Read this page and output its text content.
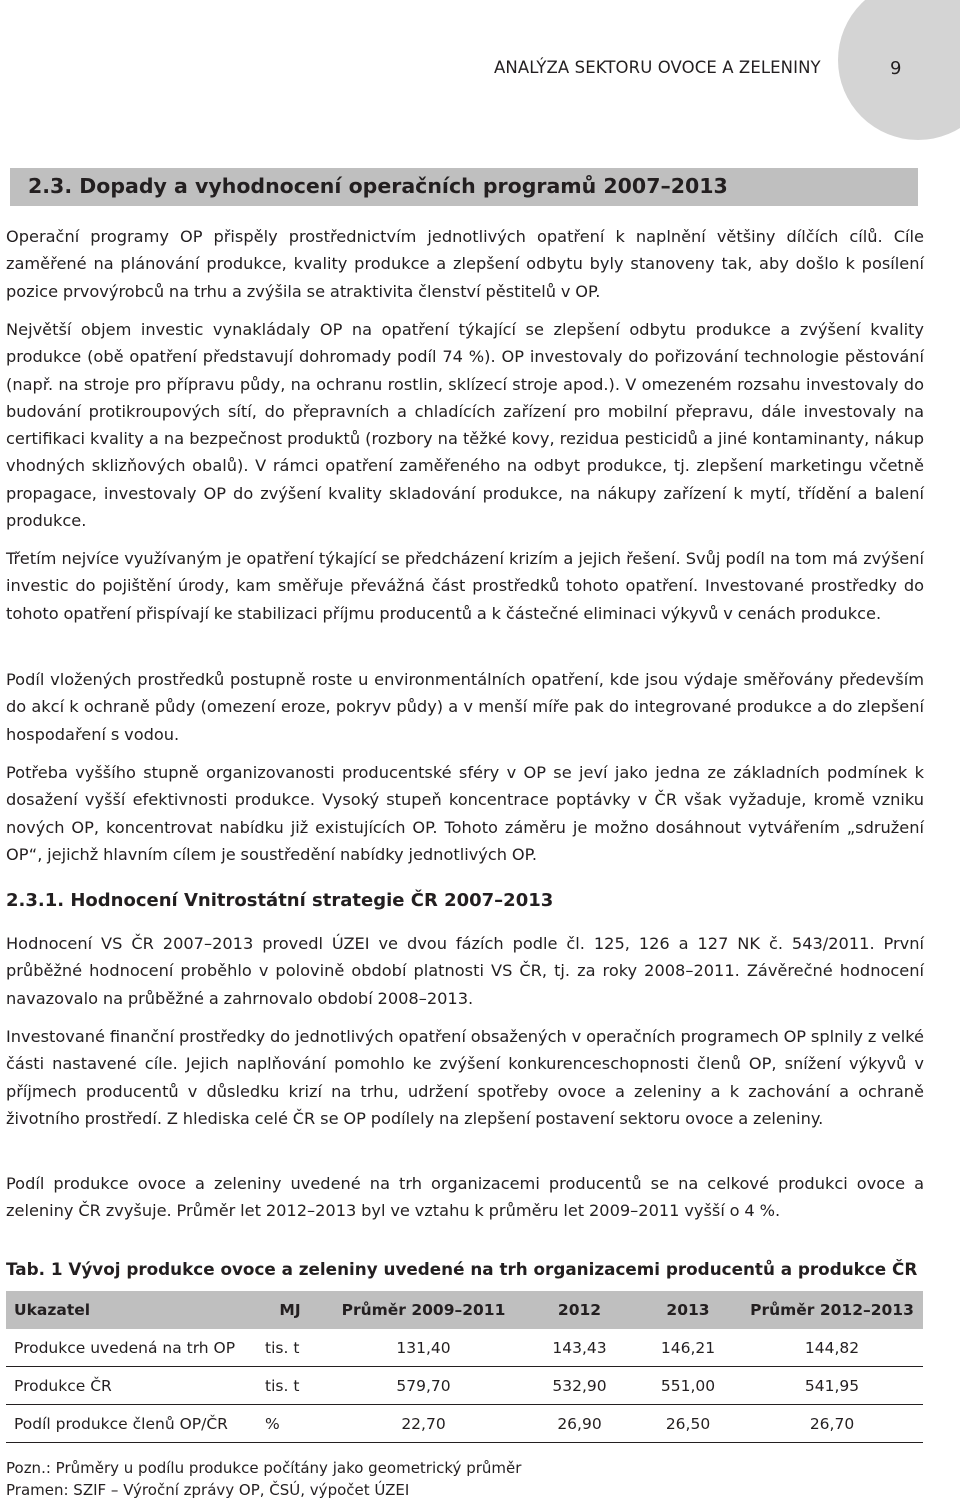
ANALÝZA SEKTORU OVOCE A ZELENINY	9
2.3. Dopady a vyhodnocení operačních programů 2007–2013

Operační programy OP přispěly prostřednictvím jednotlivých opatření k naplnění většiny dílčích cílů. Cíle zaměřené na plánování produkce, kvality produkce a zlepšení odbytu byly stanoveny tak, aby došlo k posílení pozice prvovýrobců na trhu a zvýšila se atraktivita členství pěstitelů v OP.

Největší objem investic vynakládaly OP na opatření týkající se zlepšení odbytu produkce a zvýšení kvality produkce (obě opatření představují dohromady podíl 74 %). OP investovaly do pořizování technologie pěstování (např. na stroje pro přípravu půdy, na ochranu rostlin, sklízecí stroje apod.). V omezeném rozsahu investovaly do budování protikroupových sítí, do přepravních a chladících zařízení pro mobilní přepravu, dále investovaly na certifikaci kvality a na bezpečnost produktů (rozbory na těžké kovy, rezidua pesticidů a jiné kontaminanty, nákup vhodných sklizňových obalů). V rámci opatření zaměřeného na odbyt produkce, tj. zlepšení marketingu včetně propagace, investovaly OP do zvýšení kvality skladování produkce, na nákupy zařízení k mytí, třídění a balení produkce.

Třetím nejvíce využívaným je opatření týkající se předcházení krizím a jejich řešení. Svůj podíl na tom má zvýšení investic do pojištění úrody, kam směřuje převážná část prostředků tohoto opatření. Investované prostředky do tohoto opatření přispívají ke stabilizaci příjmu producentů a k částečné eliminaci výkyvů v cenách produkce.

Podíl vložených prostředků postupně roste u environmentálních opatření, kde jsou výdaje směřovány především do akcí k ochraně půdy (omezení eroze, pokryv půdy) a v menší míře pak do integrované produkce a do zlepšení hospodaření s vodou.

Potřeba vyššího stupně organizovanosti producentské sféry v OP se jeví jako jedna ze základních podmínek k dosažení vyšší efektivnosti produkce. Vysoký stupeň koncentrace poptávky v ČR však vyžaduje, kromě vzniku nových OP, koncentrovat nabídku již existujících OP. Tohoto záměru je možno dosáhnout vytvářením „sdružení OP“, jejichž hlavním cílem je soustředění nabídky jednotlivých OP.

2.3.1. Hodnocení Vnitrostátní strategie ČR 2007–2013

Hodnocení VS ČR 2007–2013 provedl ÚZEI ve dvou fázích podle čl. 125, 126 a 127 NK č. 543/2011. První průběžné hodnocení proběhlo v polovině období platnosti VS ČR, tj. za roky 2008–2011. Závěrečné hodnocení navazovalo na průběžné a zahrnovalo období 2008–2013.

Investované finanční prostředky do jednotlivých opatření obsažených v operačních programech OP splnily z velké části nastavené cíle. Jejich naplňování pomohlo ke zvýšení konkurenceschopnosti členů OP, snížení výkyvů v příjmech producentů v důsledku krizí na trhu, udržení spotřeby ovoce a zeleniny a k zachování a ochraně životního prostředí. Z hlediska celé ČR se OP podílely na zlepšení postavení sektoru ovoce a zeleniny.

Podíl produkce ovoce a zeleniny uvedené na trh organizacemi producentů se na celkové produkci ovoce a zeleniny ČR zvyšuje. Průměr let 2012–2013 byl ve vztahu k průměru let 2009–2011 vyšší o 4 %.

Tab. 1 Vývoj produkce ovoce a zeleniny uvedené na trh organizacemi producentů a produkce ČR
Ukazatel	MJ	Průměr 2009–2011	2012	2013	Průměr 2012–2013
Produkce uvedená na trh OP	tis. t	131,40	143,43	146,21	144,82
Produkce ČR	tis. t	579,70	532,90	551,00	541,95
Podíl produkce členů OP/ČR	%	22,70	26,90	26,50	26,70
Pozn.: Průměry u podílu produkce počítány jako geometrický průměr
Pramen: SZIF – Výroční zprávy OP, ČSÚ, výpočet ÚZEI
